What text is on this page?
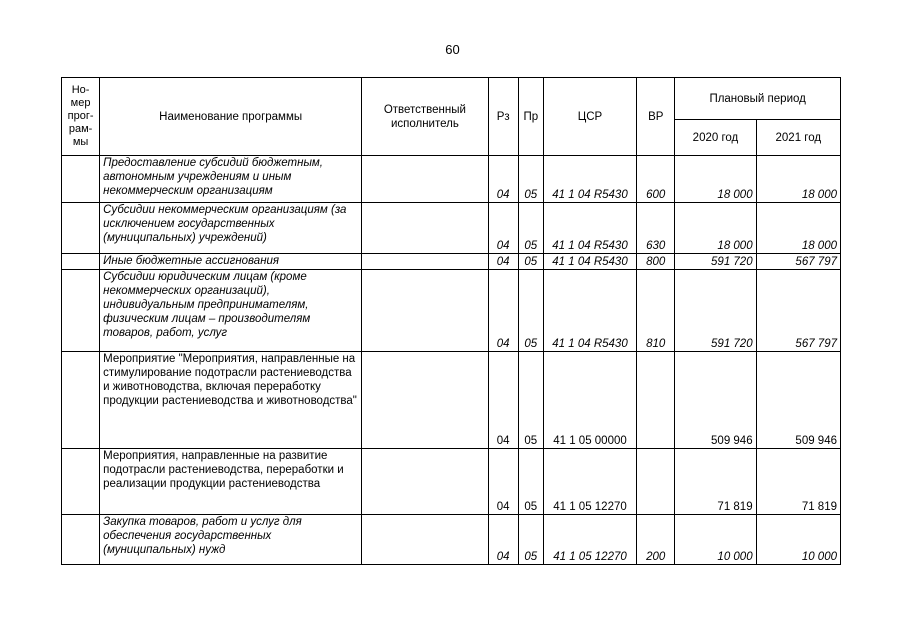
60
Но-
мер
прог-
рам-
мы	Наименование программы	Ответственный исполнитель	Рз	Пр	ЦСР	ВР	Плановый период	
							2020 год	2021 год
	Предоставление субсидий бюджетным, автономным учреждениям и иным некоммерческим организациям		04	05	41 1 04 R5430	600	18 000	18 000
	Субсидии некоммерческим организациям (за исключением государственных (муниципальных) учреждений)		04	05	41 1 04 R5430	630	18 000	18 000
	Иные бюджетные ассигнования		04	05	41 1 04 R5430	800	591 720	567 797
	Субсидии юридическим лицам (кроме некоммерческих организаций), индивидуальным предпринимателям, физическим лицам – производителям товаров, работ, услуг		04	05	41 1 04 R5430	810	591 720	567 797
	Мероприятие "Мероприятия, направленные на стимулирование подотрасли растениеводства и животноводства, включая переработку продукции растениеводства и животноводства"		04	05	41 1 05 00000		509 946	509 946
	Мероприятия, направленные на развитие подотрасли растениеводства, переработки и реализации продукции растениеводства		04	05	41 1 05 12270		71 819	71 819
	Закупка товаров, работ и услуг для обеспечения государственных (муниципальных) нужд		04	05	41 1 05 12270	200	10 000	10 000
